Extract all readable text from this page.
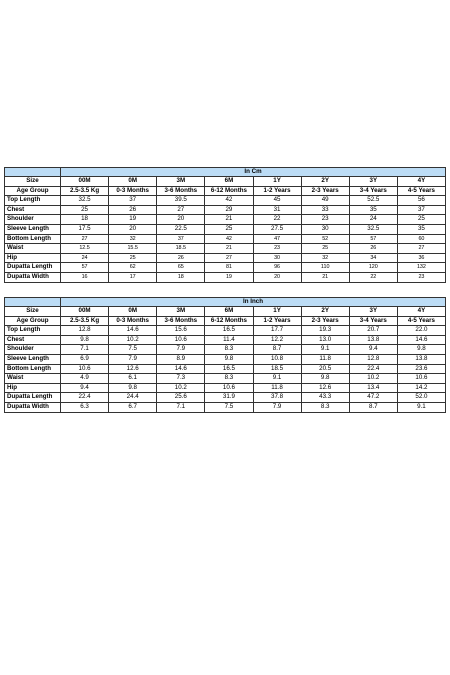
	In Cm							
Size	00M	0M	3M	6M	1Y	2Y	3Y	4Y
Age Group	2.5-3.5 Kg	0-3 Months	3-6 Months	6-12 Months	1-2 Years	2-3 Years	3-4 Years	4-5 Years
Top Length	32.5	37	39.5	42	45	49	52.5	56
Chest	25	26	27	29	31	33	35	37
Shoulder	18	19	20	21	22	23	24	25
Sleeve Length	17.5	20	22.5	25	27.5	30	32.5	35
Bottom Length	27	32	37	42	47	52	57	60
Waist	12.5	15.5	18.5	21	23	25	26	27
Hip	24	25	26	27	30	32	34	36
Dupatta Length	57	62	65	81	96	110	120	132
Dupatta Width	16	17	18	19	20	21	22	23
	In Inch							
Size	00M	0M	3M	6M	1Y	2Y	3Y	4Y
Age Group	2.5-3.5 Kg	0-3 Months	3-6 Months	6-12 Months	1-2 Years	2-3 Years	3-4 Years	4-5 Years
Top Length	12.8	14.6	15.6	16.5	17.7	19.3	20.7	22.0
Chest	9.8	10.2	10.6	11.4	12.2	13.0	13.8	14.6
Shoulder	7.1	7.5	7.9	8.3	8.7	9.1	9.4	9.8
Sleeve Length	6.9	7.9	8.9	9.8	10.8	11.8	12.8	13.8
Bottom Length	10.6	12.6	14.6	16.5	18.5	20.5	22.4	23.6
Waist	4.9	6.1	7.3	8.3	9.1	9.8	10.2	10.6
Hip	9.4	9.8	10.2	10.6	11.8	12.6	13.4	14.2
Dupatta Length	22.4	24.4	25.6	31.9	37.8	43.3	47.2	52.0
Dupatta Width	6.3	6.7	7.1	7.5	7.9	8.3	8.7	9.1
